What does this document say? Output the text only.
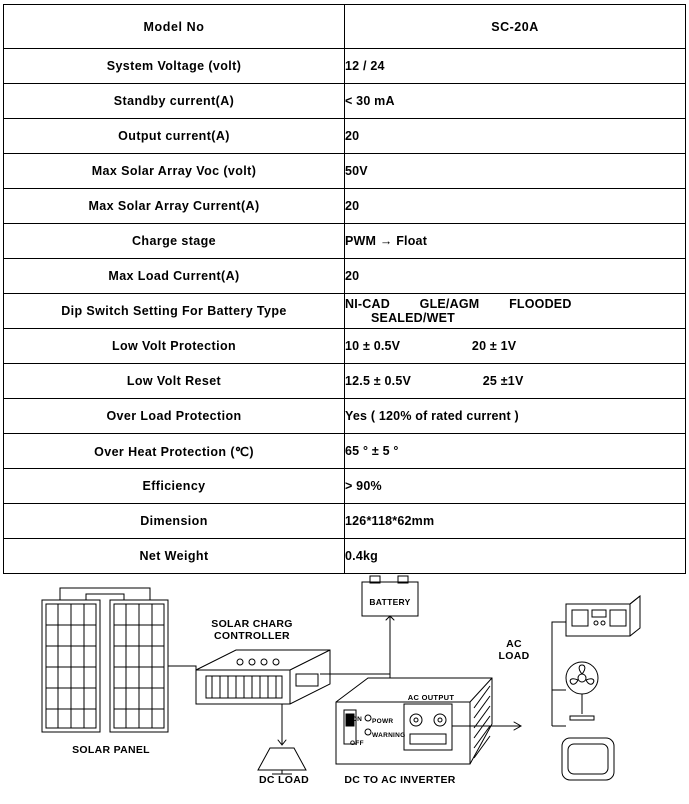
Model No	SC-20A
System Voltage (volt)	12 / 24
Standby current(A)	< 30 mA
Output current(A)	20
Max Solar Array Voc (volt)	50V
Max Solar Array Current(A)	20
Charge stage	PWM → Float
Max Load Current(A)	20
Dip Switch Setting For Battery Type	NI-CAD GLE/AGM FLOODED SEALED/WET
Low Volt Protection	10 ± 0.5V 20 ± 1V
Low Volt Reset	12.5 ± 0.5V 25 ±1V
Over Load Protection	Yes ( 120% of rated current )
Over Heat Protection (℃)	65 ° ± 5 °
Efficiency	> 90%
Dimension	126*118*62mm
Net Weight	0.4kg
SOLAR PANEL
SOLAR CHARG
CONTROLLER
BATTERY
DC LOAD	DC TO AC INVERTER
AC
LOAD
AC OUTPUT
ON
OFF
POWR
WARNING
